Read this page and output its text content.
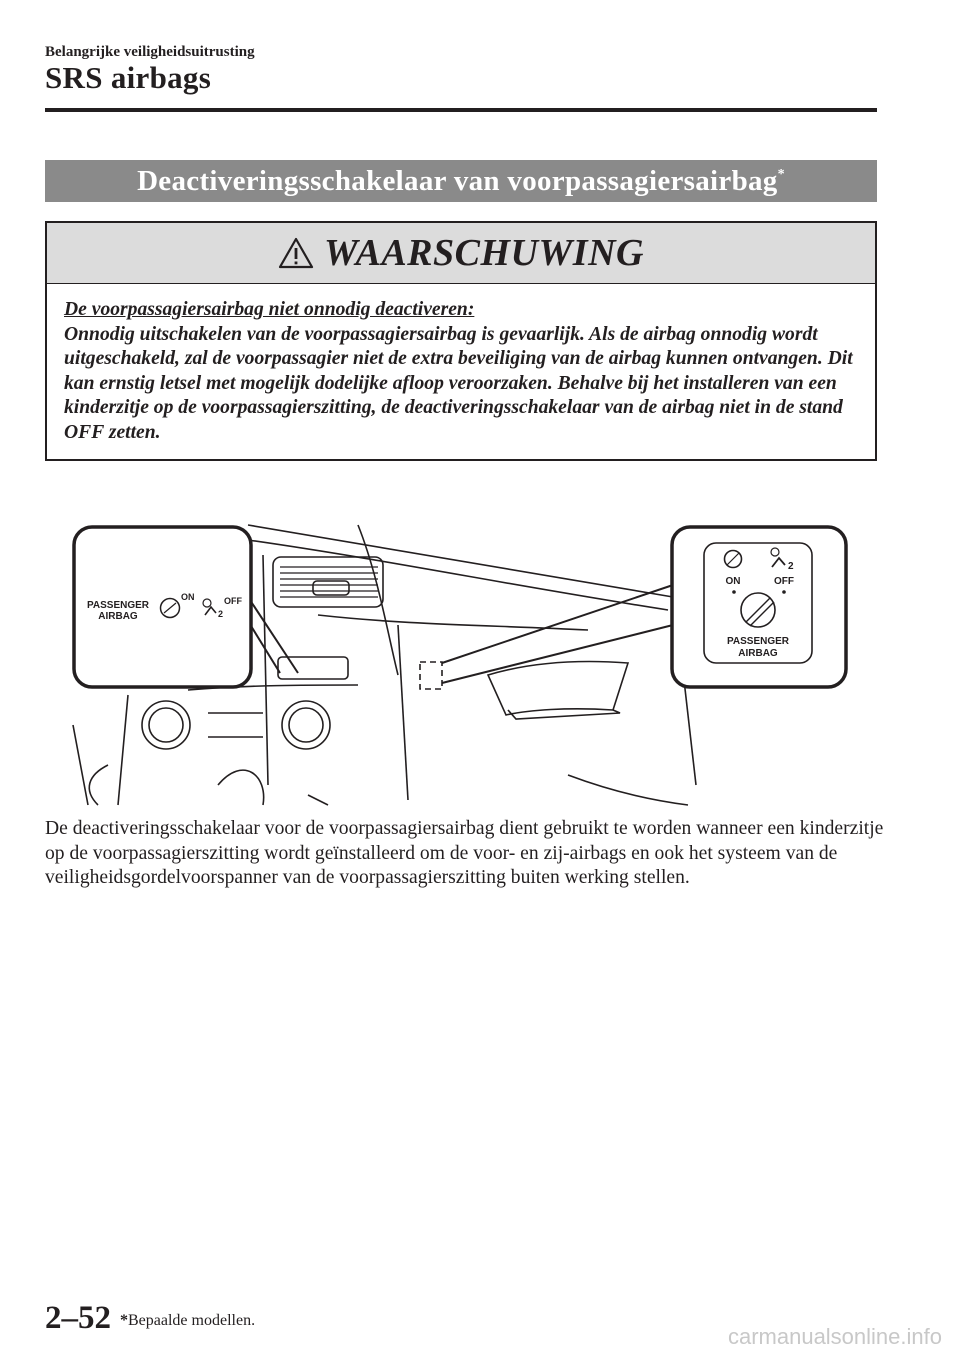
Belangrijke veiligheidsuitrusting
SRS airbags
Deactiveringsschakelaar van voorpassagiersairbag*
WAARSCHUWING
De voorpassagiersairbag niet onnodig deactiveren:
Onnodig uitschakelen van de voorpassagiersairbag is gevaarlijk. Als de airbag onnodig wordt uitgeschakeld, zal de voorpassagier niet de extra beveiliging van de airbag kunnen ontvangen. Dit kan ernstig letsel met mogelijk dodelijke afloop veroorzaken. Behalve bij het installeren van een kinderzitje op de voorpassagierszitting, de deactiveringsschakelaar van de airbag niet in de stand OFF zetten.
PASSENGER
AIRBAG
ON	OFF
2
2
ON	OFF
PASSENGER
AIRBAG
De deactiveringsschakelaar voor de voorpassagiersairbag dient gebruikt te worden wanneer een kinderzitje op de voorpassagierszitting wordt geïnstalleerd om de voor- en zij-airbags en ook het systeem van de veiligheidsgordelvoorspanner van de voorpassagierszitting buiten werking stellen.
2–52 *Bepaalde modellen.
carmanualsonline.info
